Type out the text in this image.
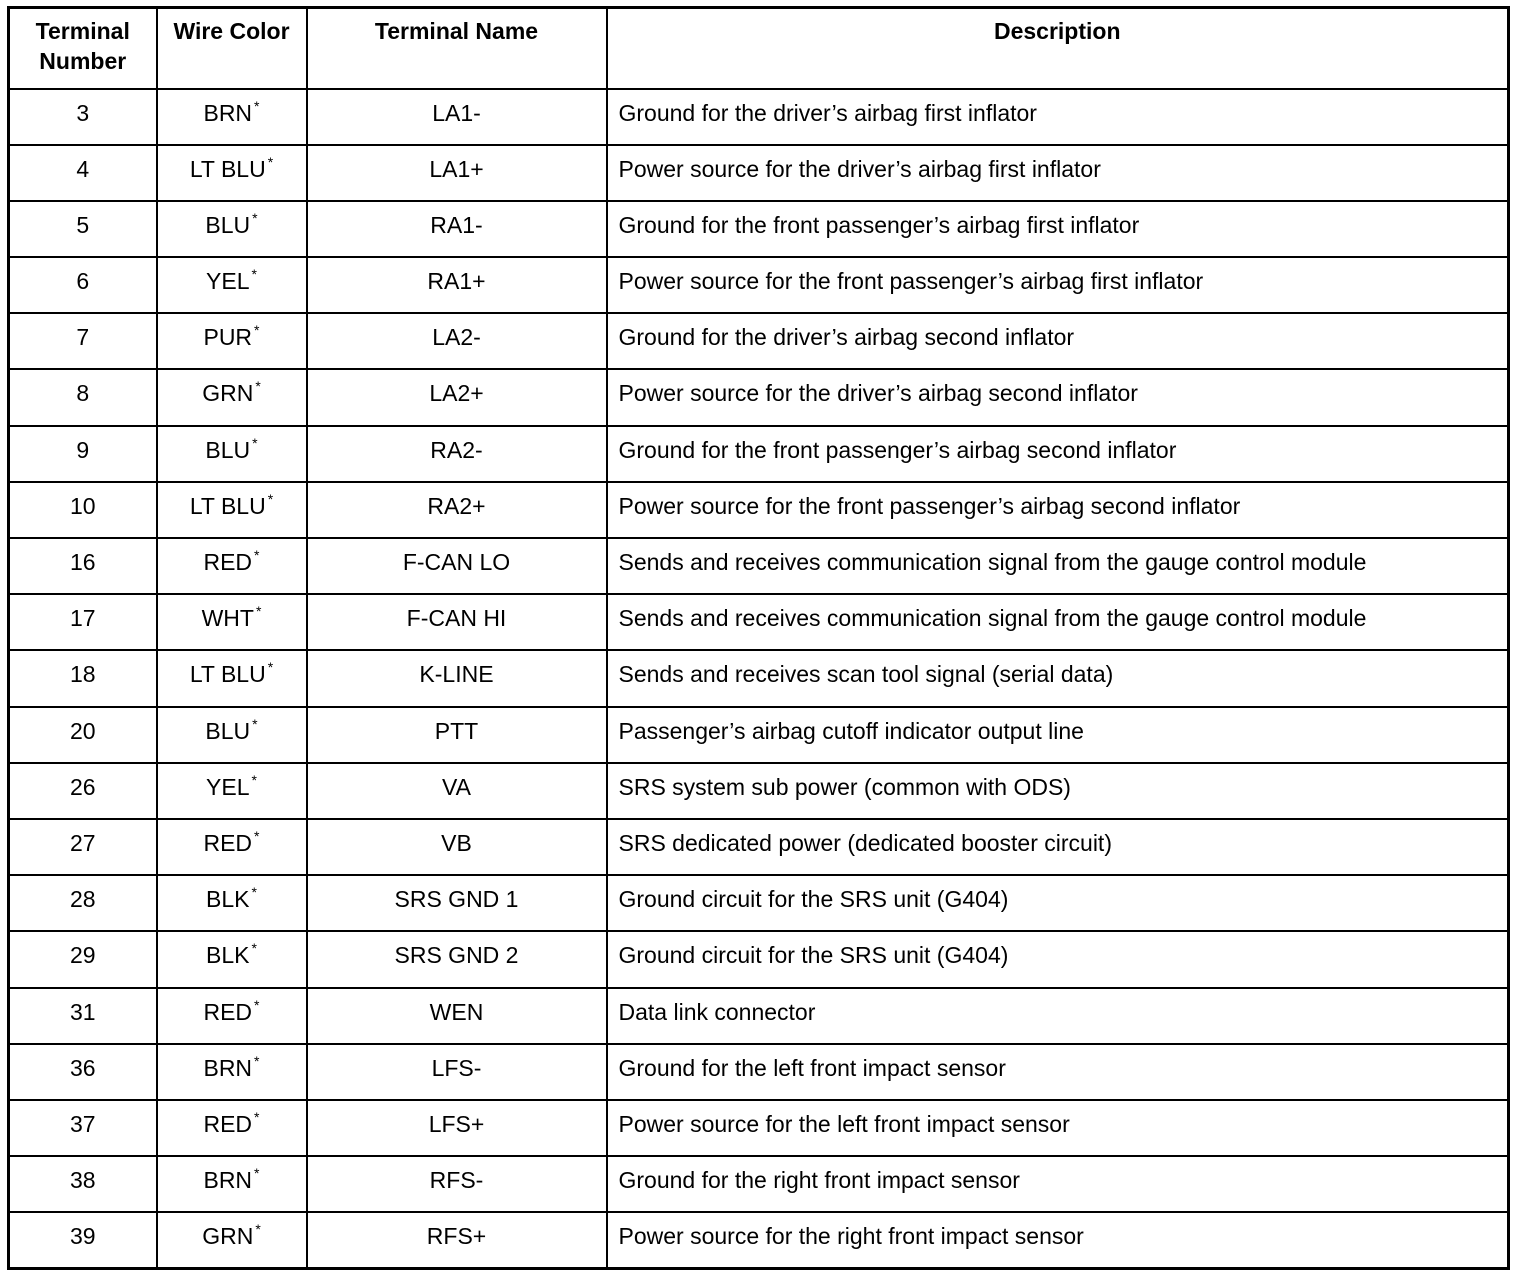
Terminal
Number	Wire Color	Terminal Name	Description
3	BRN *	LA1-	Ground for the driver’s airbag first inflator
4	LT BLU *	LA1+	Power source for the driver’s airbag first inflator
5	BLU *	RA1-	Ground for the front passenger’s airbag first inflator
6	YEL *	RA1+	Power source for the front passenger’s airbag first inflator
7	PUR *	LA2-	Ground for the driver’s airbag second inflator
8	GRN *	LA2+	Power source for the driver’s airbag second inflator
9	BLU *	RA2-	Ground for the front passenger’s airbag second inflator
10	LT BLU *	RA2+	Power source for the front passenger’s airbag second inflator
16	RED *	F-CAN LO	Sends and receives communication signal from the gauge control module
17	WHT *	F-CAN HI	Sends and receives communication signal from the gauge control module
18	LT BLU *	K-LINE	Sends and receives scan tool signal (serial data)
20	BLU *	PTT	Passenger’s airbag cutoff indicator output line
26	YEL *	VA	SRS system sub power (common with ODS)
27	RED *	VB	SRS dedicated power (dedicated booster circuit)
28	BLK *	SRS GND 1	Ground circuit for the SRS unit (G404)
29	BLK *	SRS GND 2	Ground circuit for the SRS unit (G404)
31	RED *	WEN	Data link connector
36	BRN *	LFS-	Ground for the left front impact sensor
37	RED *	LFS+	Power source for the left front impact sensor
38	BRN *	RFS-	Ground for the right front impact sensor
39	GRN *	RFS+	Power source for the right front impact sensor
